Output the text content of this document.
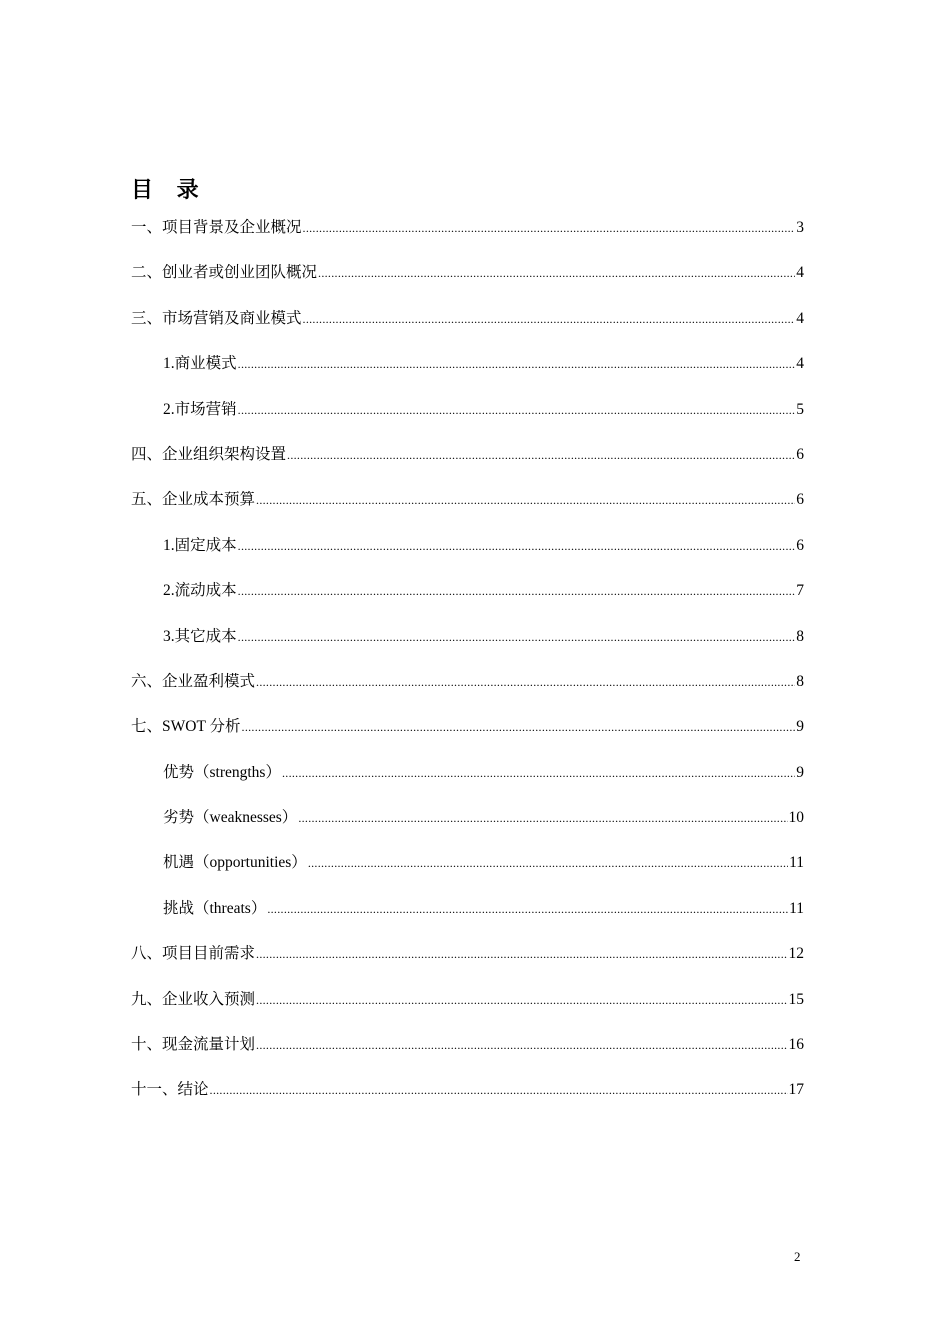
目 录
一、项目背景及企业概况 .....	3
二、创业者或创业团队概况 .....	4
三、市场营销及商业模式 .....	4
1.商业模式 .....	4
2.市场营销 .....	5
四、企业组织架构设置 .....	6
五、企业成本预算 .....	6
1.固定成本 .....	6
2.流动成本 .....	7
3.其它成本 .....	8
六、企业盈利模式 .....	8
七、SWOT 分析 .....	9
优势（strengths） .....	9
劣势（weaknesses） .....	10
机遇（opportunities） .....	11
挑战（threats） .....	11
八、项目目前需求 .....	12
九、企业收入预测 .....	15
十、现金流量计划 .....	16
十一、结论 .....	17

2
